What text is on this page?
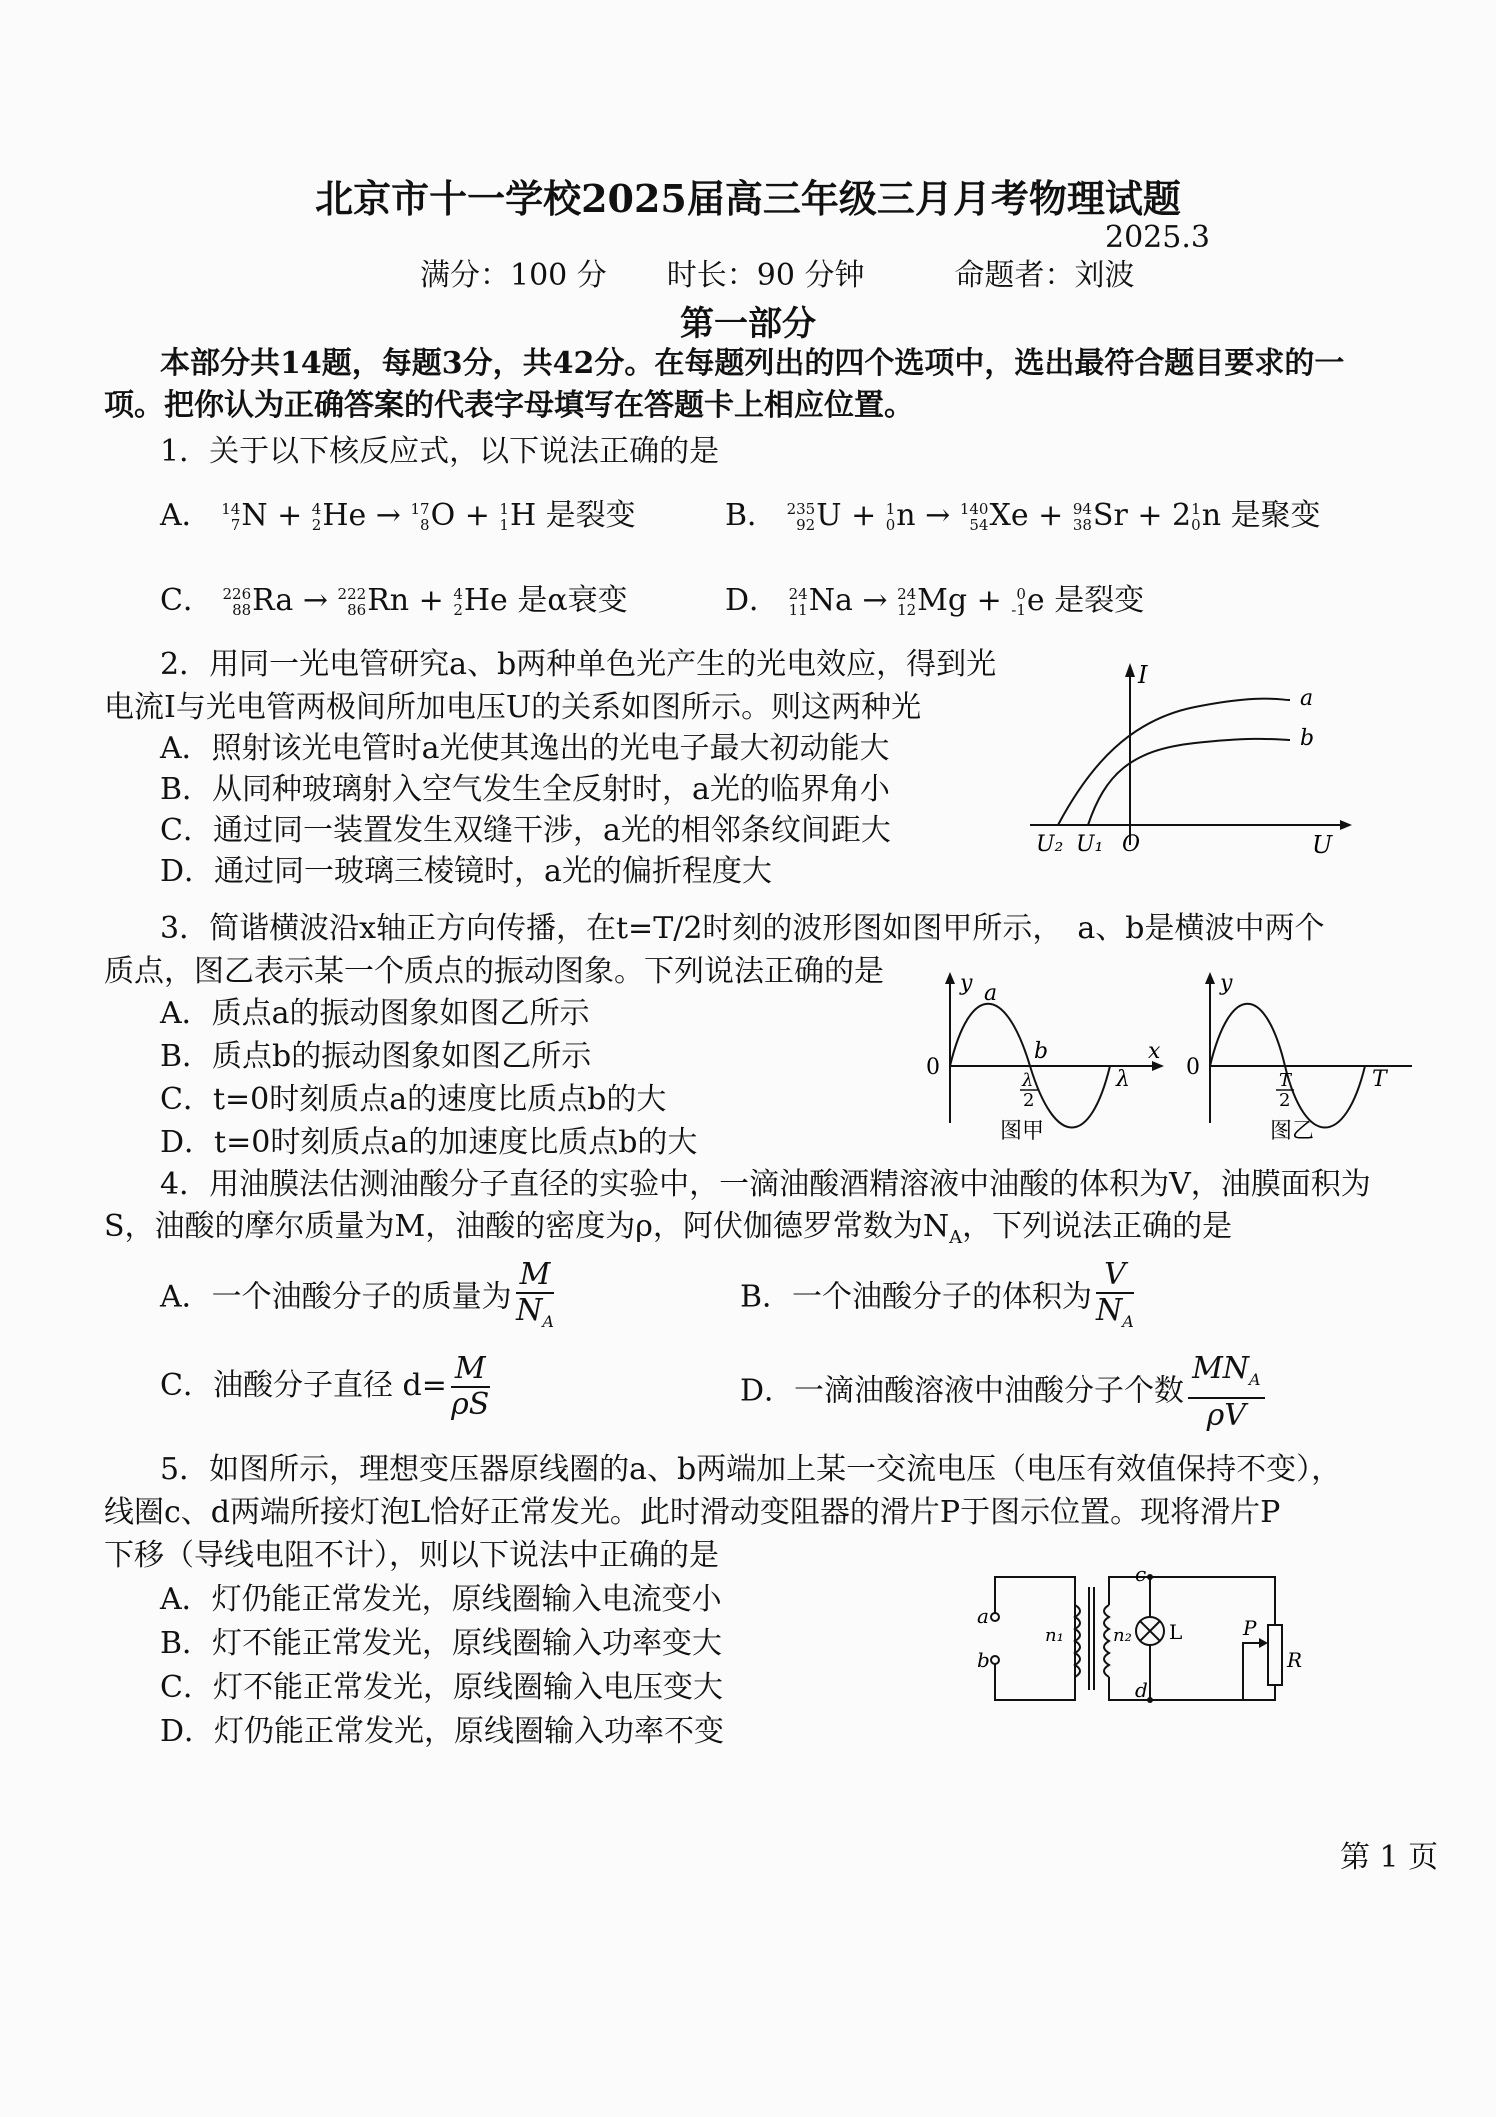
北京市十一学校2025届高三年级三月月考物理试题
2025.3
满分：100 分　　时长：90 分钟　　　命题者：刘波
第一部分
本部分共14题，每题3分，共42分。在每题列出的四个选项中，选出最符合题目要求的一
项。把你认为正确答案的代表字母填写在答题卡上相应位置。
1．关于以下核反应式，以下说法正确的是
A． 14
7 N + 4
2 He → 17
8 O + 1
1 H 是裂变	B． 235
92 U + 1
0 n → 140
54 Xe + 94
38 Sr + 2 1
0 n 是聚变
C． 226
88 Ra → 222
86 Rn + 4
2 He 是α衰变	D． 24
11 Na → 24
12 Mg + 0
-1 e 是裂变
2．用同一光电管研究a、b两种单色光产生的光电效应，得到光
电流I与光电管两极间所加电压U的关系如图所示。则这两种光
A．照射该光电管时a光使其逸出的光电子最大初动能大
B．从同种玻璃射入空气发生全反射时，a光的临界角小
C．通过同一装置发生双缝干涉，a光的相邻条纹间距大
D．通过同一玻璃三棱镜时，a光的偏折程度大
I
U
O
U₂ U₁
a
b
3．简谐横波沿x轴正方向传播，在t=T/2时刻的波形图如图甲所示，　a、b是横波中两个
质点，图乙表示某一个质点的振动图象。下列说法正确的是
A．质点a的振动图象如图乙所示
B．质点b的振动图象如图乙所示
C．t=0时刻质点a的速度比质点b的大
D．t=0时刻质点a的加速度比质点b的大
y
x
0
a
b
λ
2
λ
图甲
y
0
T
2
T
图乙
4．用油膜法估测油酸分子直径的实验中，一滴油酸酒精溶液中油酸的体积为V，油膜面积为
S，油酸的摩尔质量为M，油酸的密度为ρ，阿伏伽德罗常数为$N_A$，下列说法正确的是
A．一个油酸分子的质量为 $\frac{M}{N_A}$	B．一个油酸分子的体积为 $\frac{V}{N_A}$
C．油酸分子直径 $d= \frac{M}{\rho S}$	D．一滴油酸溶液中油酸分子个数 $\frac{MN_A}{\rho V}$
5．如图所示，理想变压器原线圈的a、b两端加上某一交流电压（电压有效值保持不变），
线圈c、d两端所接灯泡L恰好正常发光。此时滑动变阻器的滑片P于图示位置。现将滑片P
下移（导线电阻不计），则以下说法中正确的是
A．灯仍能正常发光，原线圈输入电流变小
B．灯不能正常发光，原线圈输入功率变大
C．灯不能正常发光，原线圈输入电压变大
D．灯仍能正常发光，原线圈输入功率不变
a
b
c
d
n₁	n₂ L	P
R
第 1 页
